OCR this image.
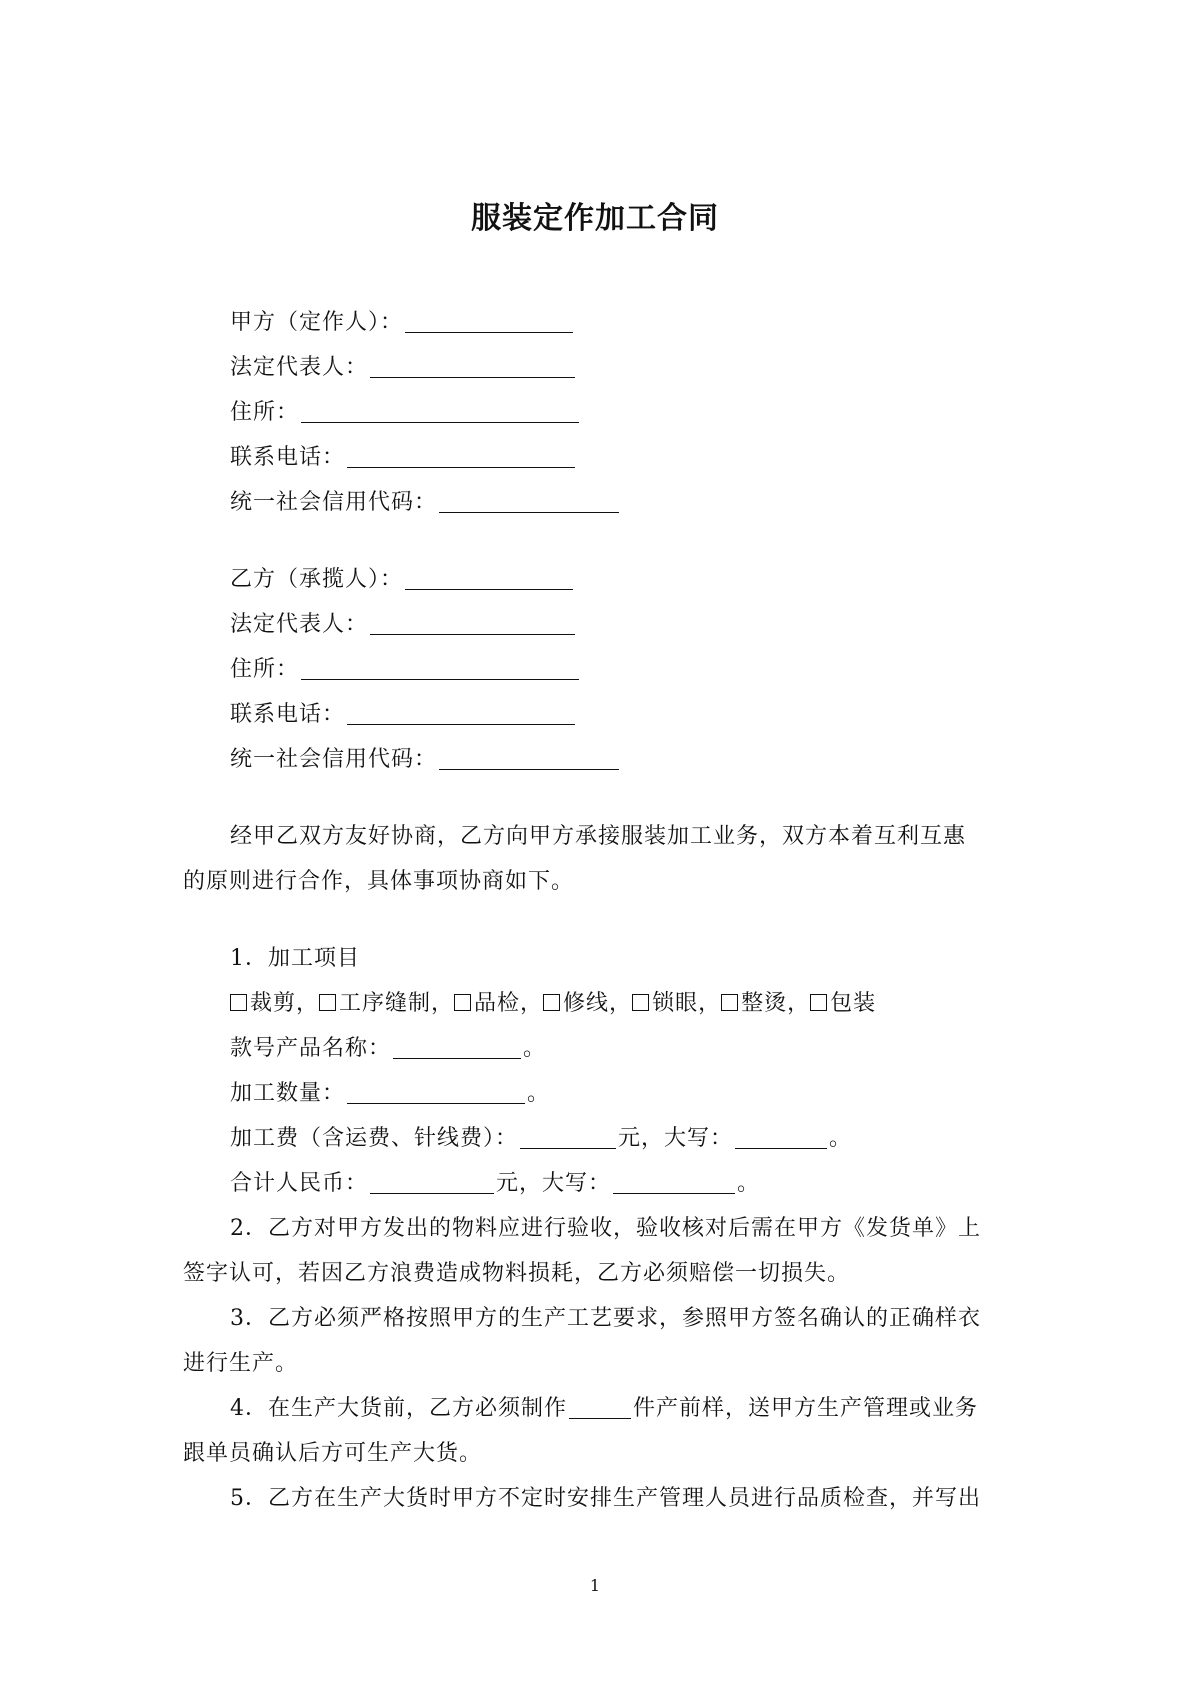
服装定作加工合同
甲方（定作人）：
法定代表人：
住所：
联系电话：
统一社会信用代码：
乙方（承揽人）：
法定代表人：
住所：
联系电话：
统一社会信用代码：
经甲乙双方友好协商，乙方向甲方承接服装加工业务，双方本着互利互惠
的原则进行合作，具体事项协商如下。
1．加工项目
裁剪， 工序缝制， 品检， 修线， 锁眼， 整烫， 包装
款号产品名称：	。
加工数量：	。
加工费（含运费、针线费）：	元，大写：	。
合计人民币：	元，大写：	。
2．乙方对甲方发出的物料应进行验收，验收核对后需在甲方《发货单》上
签字认可，若因乙方浪费造成物料损耗，乙方必须赔偿一切损失。
3．乙方必须严格按照甲方的生产工艺要求，参照甲方签名确认的正确样衣
进行生产。
4．在生产大货前，乙方必须制作	件产前样，送甲方生产管理或业务
跟单员确认后方可生产大货。
5．乙方在生产大货时甲方不定时安排生产管理人员进行品质检查，并写出
1
